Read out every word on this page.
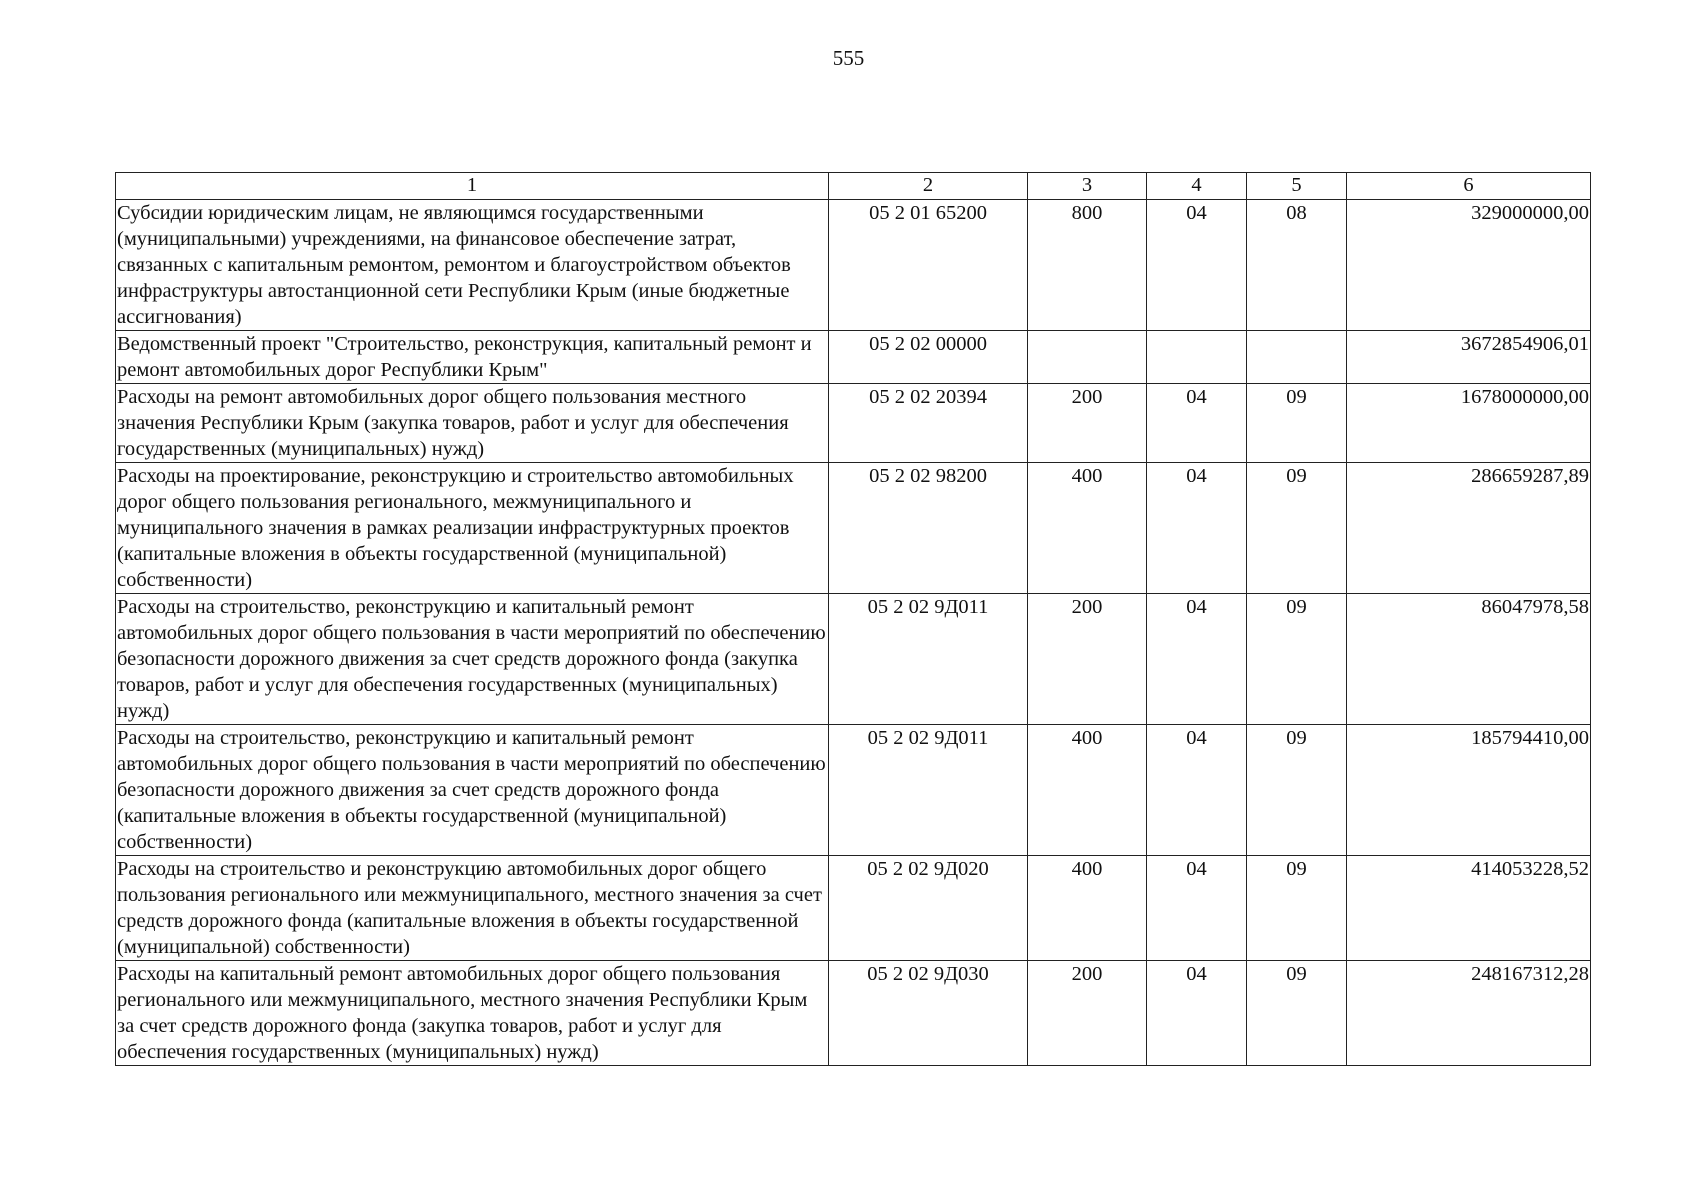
555
1	2	3	4	5	6
Субсидии юридическим лицам, не являющимся государственными (муниципальными) учреждениями, на финансовое обеспечение затрат, связанных с капитальным ремонтом, ремонтом и благоустройством объектов инфраструктуры автостанционной сети Республики Крым (иные бюджетные ассигнования)	05 2 01 65200	800	04	08	329000000,00
Ведомственный проект "Строительство, реконструкция, капитальный ремонт и ремонт автомобильных дорог Республики Крым"	05 2 02 00000				3672854906,01
Расходы на ремонт автомобильных дорог общего пользования местного значения Республики Крым (закупка товаров, работ и услуг для обеспечения государственных (муниципальных) нужд)	05 2 02 20394	200	04	09	1678000000,00
Расходы на проектирование, реконструкцию и строительство автомобильных дорог общего пользования регионального, межмуниципального и муниципального значения в рамках реализации инфраструктурных проектов (капитальные вложения в объекты государственной (муниципальной) собственности)	05 2 02 98200	400	04	09	286659287,89
Расходы на строительство, реконструкцию и капитальный ремонт автомобильных дорог общего пользования в части мероприятий по обеспечению безопасности дорожного движения за счет средств дорожного фонда (закупка товаров, работ и услуг для обеспечения государственных (муниципальных) нужд)	05 2 02 9Д011	200	04	09	86047978,58
Расходы на строительство, реконструкцию и капитальный ремонт автомобильных дорог общего пользования в части мероприятий по обеспечению безопасности дорожного движения за счет средств дорожного фонда (капитальные вложения в объекты государственной (муниципальной) собственности)	05 2 02 9Д011	400	04	09	185794410,00
Расходы на строительство и реконструкцию автомобильных дорог общего пользования регионального или межмуниципального, местного значения за счет средств дорожного фонда (капитальные вложения в объекты государственной (муниципальной) собственности)	05 2 02 9Д020	400	04	09	414053228,52
Расходы на капитальный ремонт автомобильных дорог общего пользования регионального или межмуниципального, местного значения Республики Крым за счет средств дорожного фонда (закупка товаров, работ и услуг для обеспечения государственных (муниципальных) нужд)	05 2 02 9Д030	200	04	09	248167312,28
